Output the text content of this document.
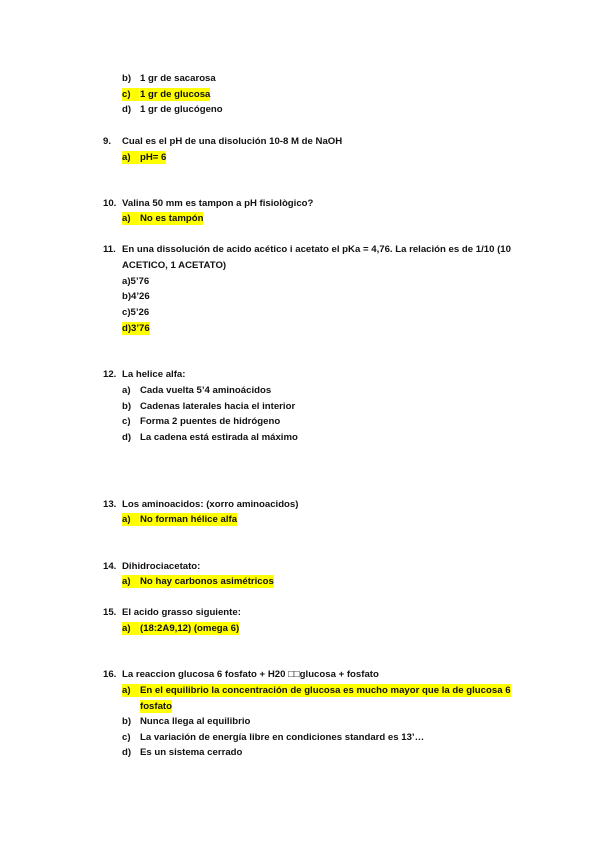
b) 1 gr de sacarosa
c) 1 gr de glucosa
d) 1 gr de glucógeno
9. Cual es el pH de una disolución 10-8 M de NaOH
a) pH= 6
10. Valina 50 mm es tampon a pH fisiològico?
a) No es tampón
11. En una dissolución de acido acético i acetato el pKa = 4,76. La relación es de 1/10 (10
ACETICO, 1 ACETATO)
a)5’76
b)4’26
c)5’26
d)3’76
12. La helice alfa:
a) Cada vuelta 5’4 aminoácidos
b) Cadenas laterales hacia el interior
c) Forma 2 puentes de hidrógeno
d) La cadena está estirada al máximo
13. Los aminoacidos: (xorro aminoacidos)
a) No forman hélice alfa
14. Dihidrociacetato:
a) No hay carbonos asimétricos
15. El acido grasso siguiente:
a) (18:2A9,12) (omega 6)
16. La reaccion glucosa 6 fosfato + H20 □□glucosa + fosfato
a) En el equilibrio la concentración de glucosa es mucho mayor que la de glucosa 6
fosfato
b) Nunca llega al equilibrio
c) La variación de energía libre en condiciones standard es 13’…
d) Es un sistema cerrado
